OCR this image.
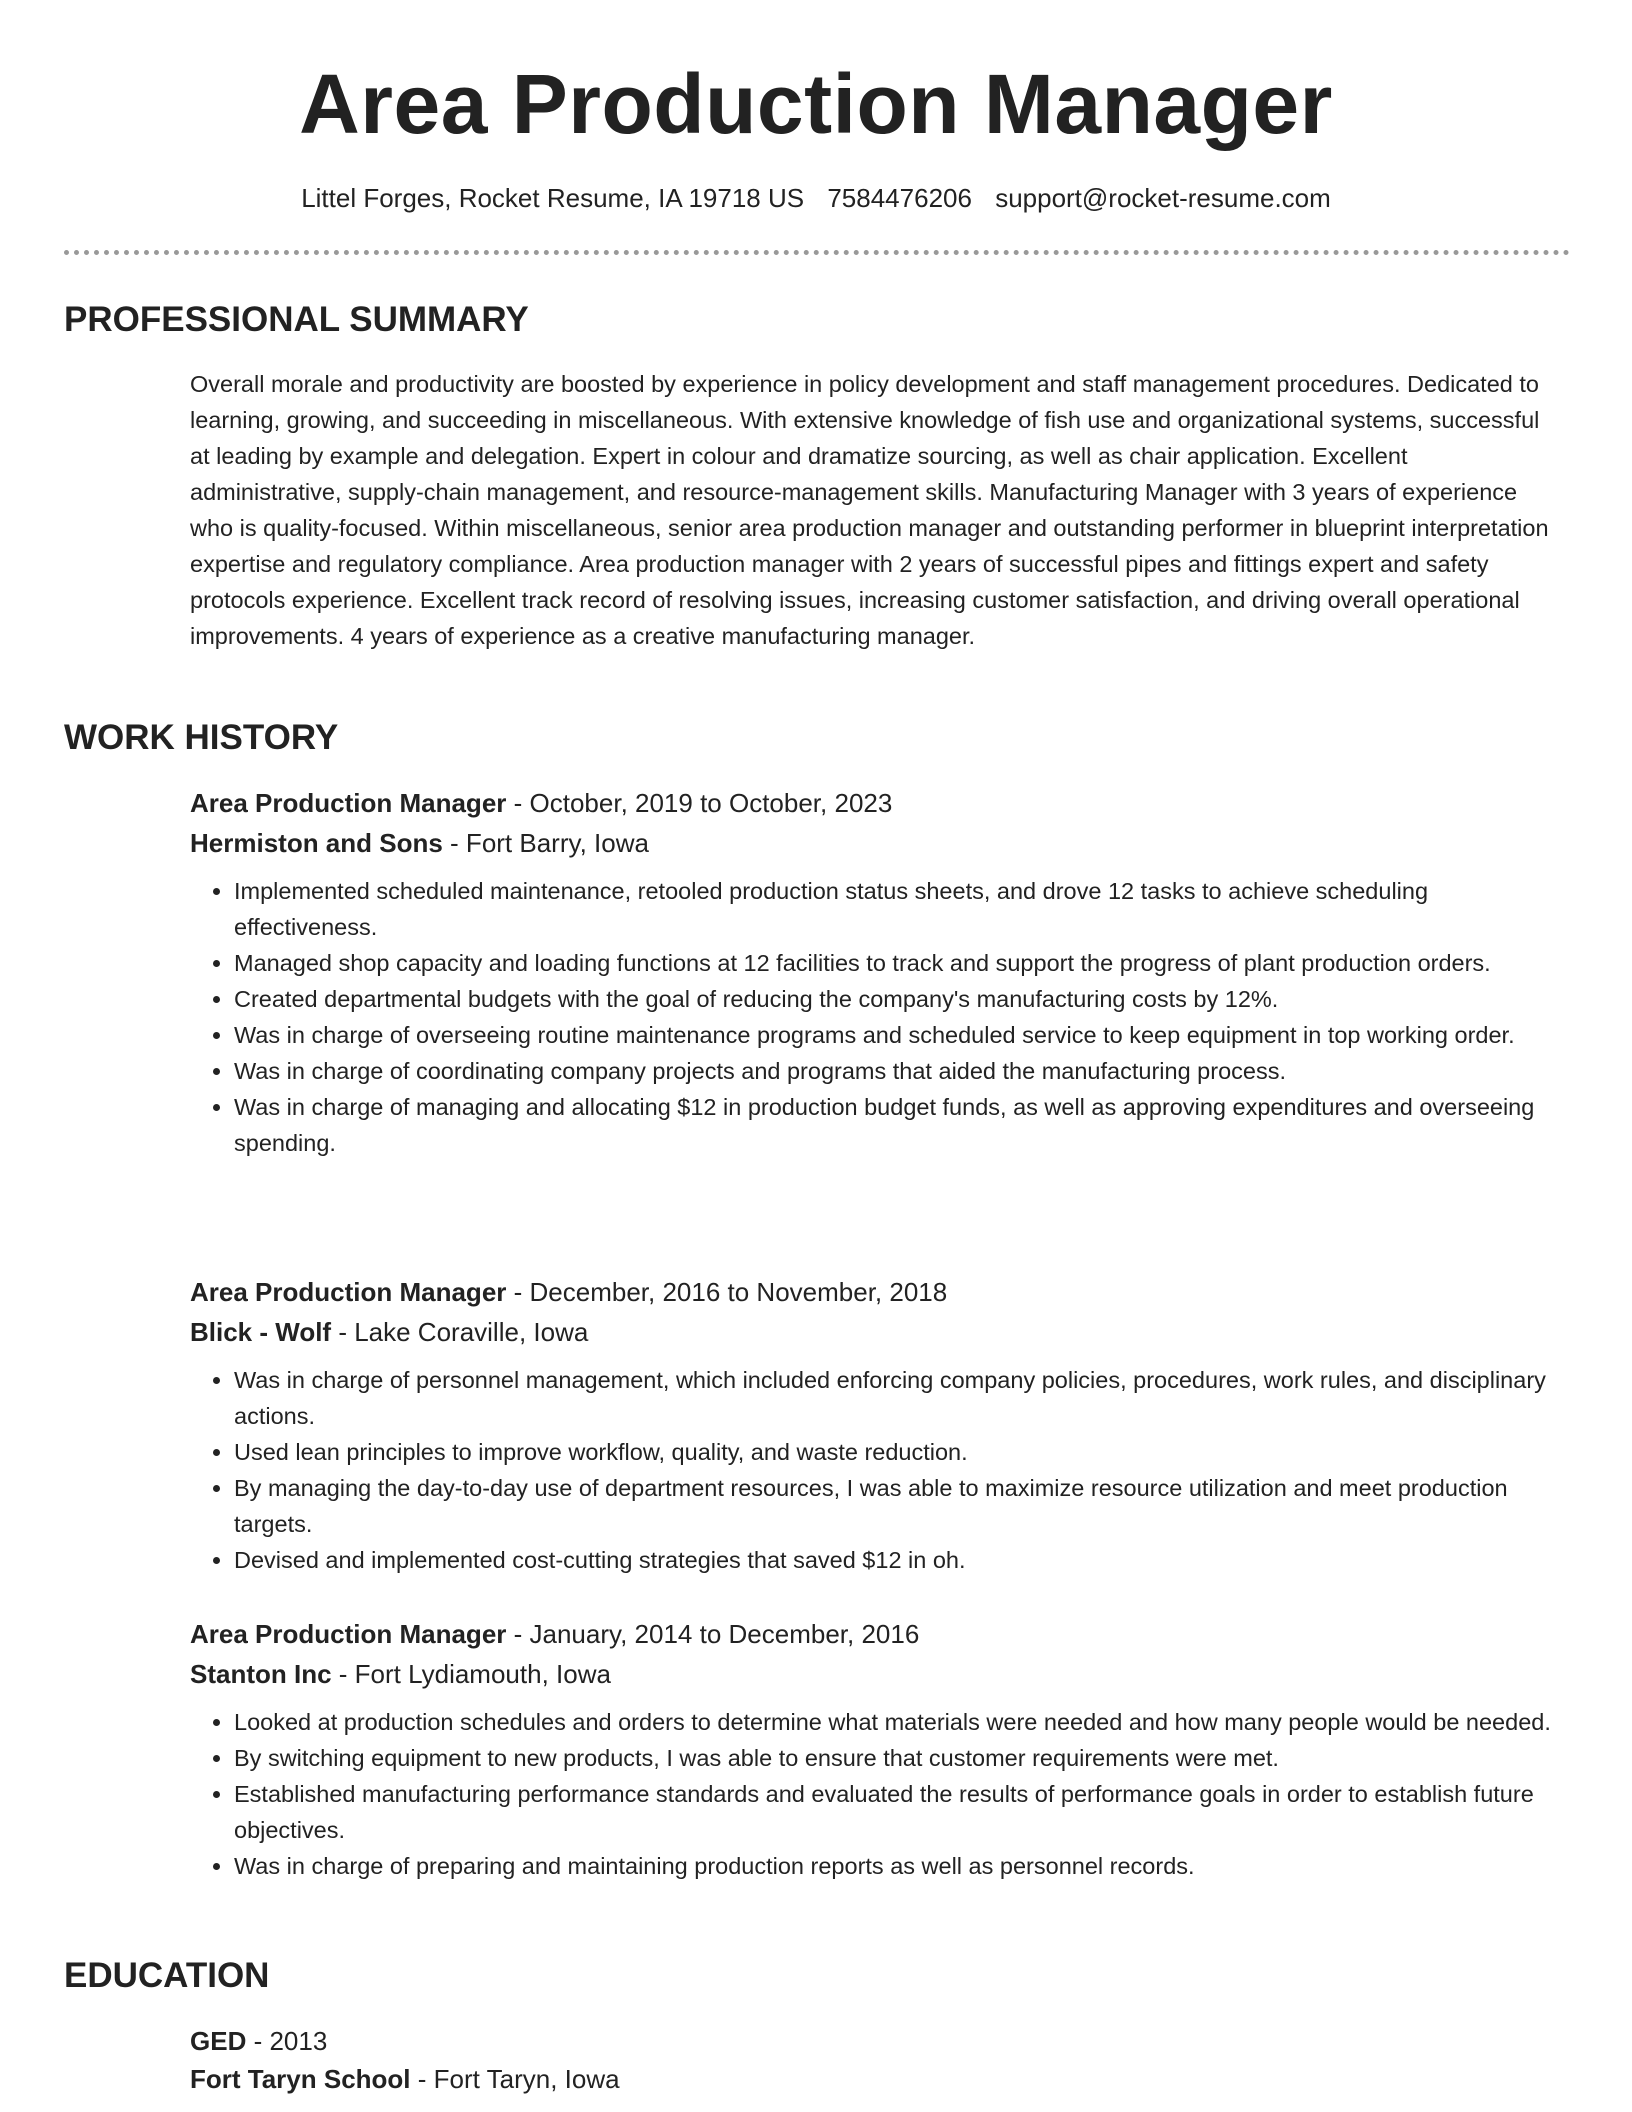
Area Production Manager
Littel Forges, Rocket Resume, IA 19718 US 7584476206 support@rocket-resume.com
PROFESSIONAL SUMMARY
Overall morale and productivity are boosted by experience in policy development and staff management procedures. Dedicated to learning, growing, and succeeding in miscellaneous. With extensive knowledge of fish use and organizational systems, successful at leading by example and delegation. Expert in colour and dramatize sourcing, as well as chair application. Excellent administrative, supply-chain management, and resource-management skills. Manufacturing Manager with 3 years of experience who is quality-focused. Within miscellaneous, senior area production manager and outstanding performer in blueprint interpretation expertise and regulatory compliance. Area production manager with 2 years of successful pipes and fittings expert and safety protocols experience. Excellent track record of resolving issues, increasing customer satisfaction, and driving overall operational improvements. 4 years of experience as a creative manufacturing manager.
WORK HISTORY
Area Production Manager - October, 2019 to October, 2023
Hermiston and Sons - Fort Barry, Iowa
• Implemented scheduled maintenance, retooled production status sheets, and drove 12 tasks to achieve scheduling effectiveness.
• Managed shop capacity and loading functions at 12 facilities to track and support the progress of plant production orders.
• Created departmental budgets with the goal of reducing the company's manufacturing costs by 12%.
• Was in charge of overseeing routine maintenance programs and scheduled service to keep equipment in top working order.
• Was in charge of coordinating company projects and programs that aided the manufacturing process.
• Was in charge of managing and allocating $12 in production budget funds, as well as approving expenditures and overseeing spending.
Area Production Manager - December, 2016 to November, 2018
Blick - Wolf - Lake Coraville, Iowa
• Was in charge of personnel management, which included enforcing company policies, procedures, work rules, and disciplinary actions.
• Used lean principles to improve workflow, quality, and waste reduction.
• By managing the day-to-day use of department resources, I was able to maximize resource utilization and meet production targets.
• Devised and implemented cost-cutting strategies that saved $12 in oh.
Area Production Manager - January, 2014 to December, 2016
Stanton Inc - Fort Lydiamouth, Iowa
• Looked at production schedules and orders to determine what materials were needed and how many people would be needed.
• By switching equipment to new products, I was able to ensure that customer requirements were met.
• Established manufacturing performance standards and evaluated the results of performance goals in order to establish future objectives.
• Was in charge of preparing and maintaining production reports as well as personnel records.
EDUCATION
GED - 2013
Fort Taryn School - Fort Taryn, Iowa
